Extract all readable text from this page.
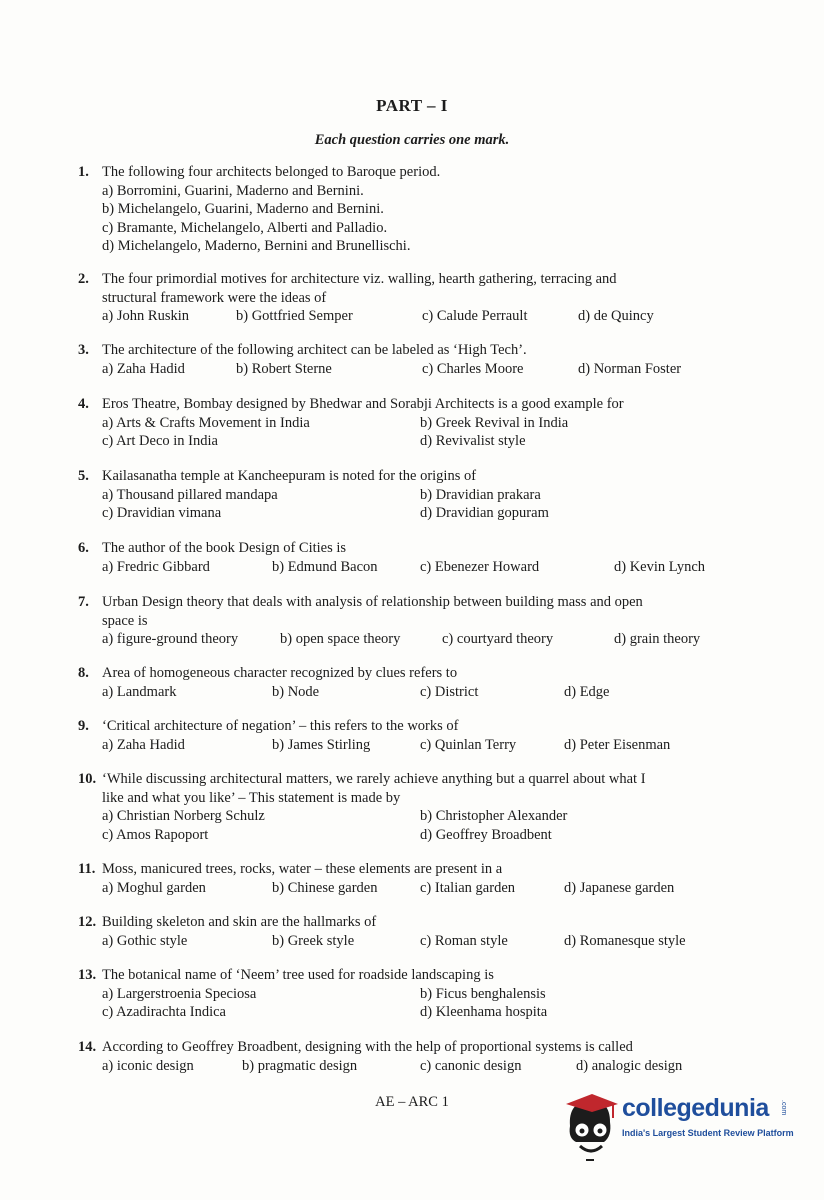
PART – I
Each question carries one mark.
1. The following four architects belonged to Baroque period.
a) Borromini, Guarini, Maderno and Bernini.
b) Michelangelo, Guarini, Maderno and Bernini.
c) Bramante, Michelangelo, Alberti and Palladio.
d) Michelangelo, Maderno, Bernini and Brunellischi.
2. The four primordial motives for architecture viz. walling, hearth gathering, terracing and
structural framework were the ideas of
a) John Ruskin	b) Gottfried Semper	c) Calude Perrault	d) de Quincy
3. The architecture of the following architect can be labeled as ‘High Tech’.
a) Zaha Hadid	b) Robert Sterne	c) Charles Moore	d) Norman Foster
4. Eros Theatre, Bombay designed by Bhedwar and Sorabji Architects is a good example for
a) Arts & Crafts Movement in India	b) Greek Revival in India
c) Art Deco in India	d) Revivalist style
5. Kailasanatha temple at Kancheepuram is noted for the origins of
a) Thousand pillared mandapa	b) Dravidian prakara
c) Dravidian vimana	d) Dravidian gopuram
6. The author of the book Design of Cities is
a) Fredric Gibbard	b) Edmund Bacon	c) Ebenezer Howard	d) Kevin Lynch
7. Urban Design theory that deals with analysis of relationship between building mass and open
space is
a) figure-ground theory	b) open space theory	c) courtyard theory	d) grain theory
8. Area of homogeneous character recognized by clues refers to
a) Landmark	b) Node	c) District	d) Edge
9. ‘Critical architecture of negation’ – this refers to the works of
a) Zaha Hadid	b) James Stirling	c) Quinlan Terry	d) Peter Eisenman
10. ‘While discussing architectural matters, we rarely achieve anything but a quarrel about what I
like and what you like’ – This statement is made by
a) Christian Norberg Schulz	b) Christopher Alexander
c) Amos Rapoport	d) Geoffrey Broadbent
11. Moss, manicured trees, rocks, water – these elements are present in a
a) Moghul garden	b) Chinese garden	c) Italian garden	d) Japanese garden
12. Building skeleton and skin are the hallmarks of
a) Gothic style	b) Greek style	c) Roman style	d) Romanesque style
13. The botanical name of ‘Neem’ tree used for roadside landscaping is
a) Largerstroenia Speciosa	b) Ficus benghalensis
c) Azadirachta Indica	d) Kleenhama hospita
14. According to Geoffrey Broadbent, designing with the help of proportional systems is called
a) iconic design	b) pragmatic design	c) canonic design	d) analogic design
AE – ARC 1	collegedunia .com
India's Largest Student Review Platform
